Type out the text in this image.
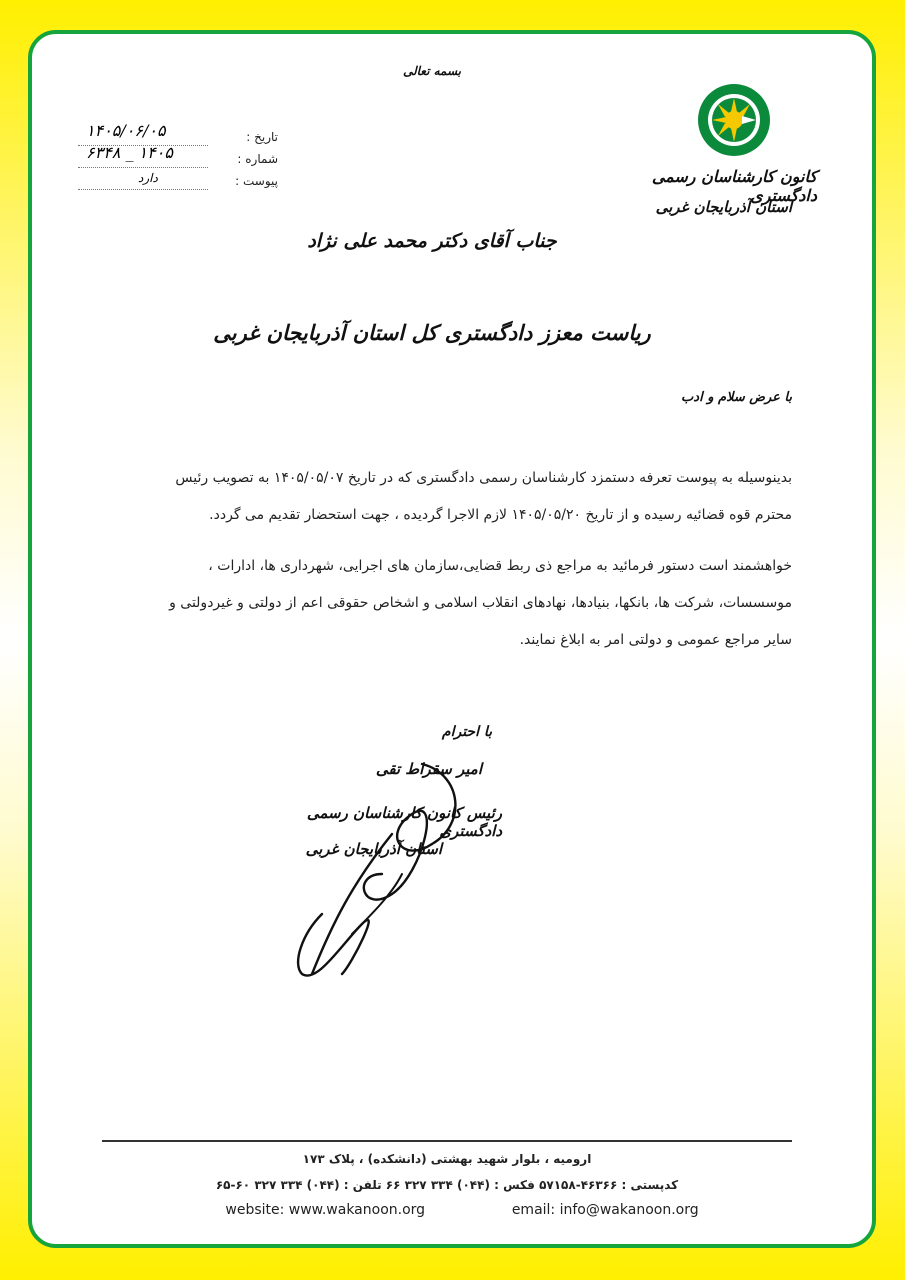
بسمه تعالی
کانون کارشناسان رسمی دادگستری
استان آذربایجان غربی
تاریخ :
۱۴۰۵/۰۶/۰۵
شماره :
۱۴۰۵ _ ۶۳۴۸
پیوست :
دارد
جناب آقای دکتر محمد علی نژاد
ریاست معزز دادگستری کل استان آذربایجان غربی
با عرض سلام و ادب
بدینوسیله به پیوست تعرفه دستمزد کارشناسان رسمی دادگستری که در تاریخ ۱۴۰۵/۰۵/۰۷ به تصویب رئیس
محترم قوه قضائیه رسیده و از تاریخ ۱۴۰۵/۰۵/۲۰ لازم الاجرا گردیده ، جهت استحضار تقدیم می گردد.
خواهشمند است دستور فرمائید به مراجع ذی ربط قضایی،سازمان های اجرایی، شهرداری ها، ادارات ،
موسسسات، شرکت ها، بانکها، بنیادها، نهادهای انقلاب اسلامی و اشخاص حقوقی اعم از دولتی و غیردولتی و
سایر مراجع عمومی و دولتی امر به ابلاغ نمایند.
با احترام
امیر سقراط تقی
رئیس کانون کارشناسان رسمی دادگستری
استان آذربایجان غربی
ارومیه ، بلوار شهید بهشتی (دانشکده) ، پلاک ۱۷۳
کدپستی : ۴۶۳۶۶-۵۷۱۵۸ فکس : (۰۴۴) ۳۳۴ ۳۲۷ ۶۶ تلفن : (۰۴۴) ۳۳۴ ۳۲۷ ۶۰-۶۵
website: www.wakanoon.org	email: info@wakanoon.org
